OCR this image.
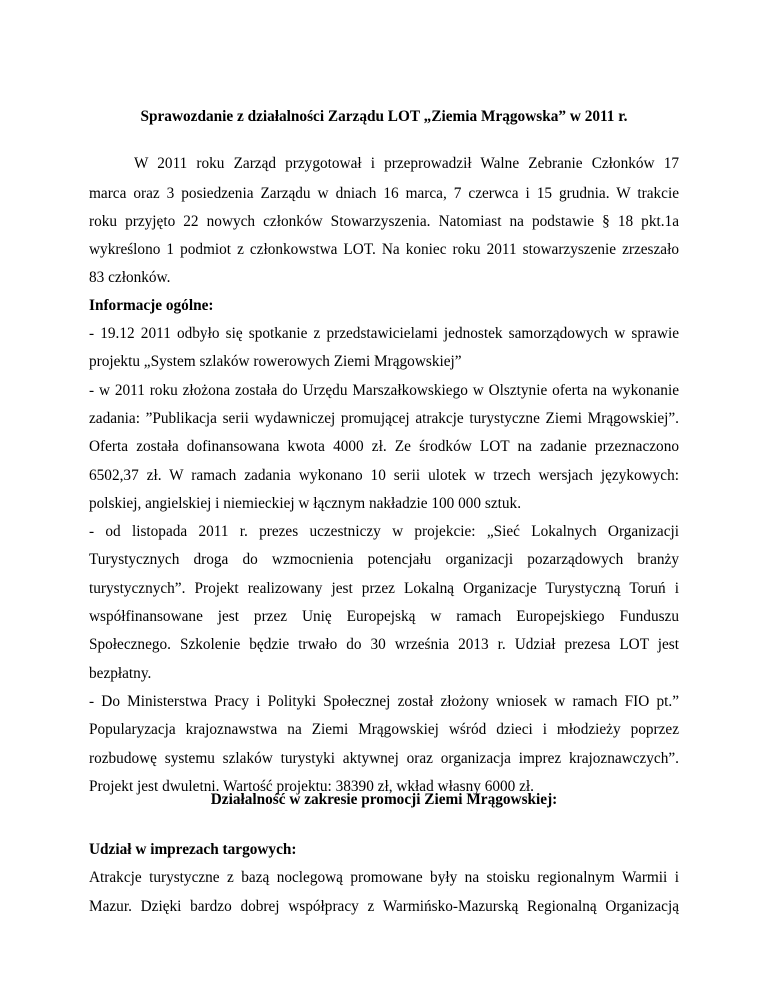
Sprawozdanie z działalności Zarządu LOT „Ziemia Mrągowska” w 2011 r.
W 2011 roku Zarząd przygotował i przeprowadził Walne Zebranie Członków 17
marca oraz 3 posiedzenia Zarządu w dniach 16 marca, 7 czerwca i 15 grudnia. W trakcie
roku przyjęto 22 nowych członków Stowarzyszenia. Natomiast na podstawie § 18 pkt.1a
wykreślono 1 podmiot z członkowstwa LOT. Na koniec roku 2011 stowarzyszenie zrzeszało
83 członków.
Informacje ogólne:
Działalność w zakresie promocji Ziemi Mrągowskiej:
Udział w imprezach targowych:
Atrakcje turystyczne z bazą noclegową promowane były na stoisku regionalnym Warmii i
Mazur. Dzięki bardzo dobrej współpracy z Warmińsko-Mazurską Regionalną Organizacją
- 19.12 2011 odbyło się spotkanie z przedstawicielami jednostek samorządowych w sprawie
projektu „System szlaków rowerowych Ziemi Mrągowskiej”
- w 2011 roku złożona została do Urzędu Marszałkowskiego w Olsztynie oferta na wykonanie
zadania: ”Publikacja serii wydawniczej promującej atrakcje turystyczne Ziemi Mrągowskiej”.
Oferta została dofinansowana kwota 4000 zł. Ze środków LOT na zadanie przeznaczono
6502,37 zł. W ramach zadania wykonano 10 serii ulotek w trzech wersjach językowych:
polskiej, angielskiej i niemieckiej w łącznym nakładzie 100 000 sztuk.
- od listopada 2011 r. prezes uczestniczy w projekcie: „Sieć Lokalnych Organizacji
Turystycznych droga do wzmocnienia potencjału organizacji pozarządowych branży
turystycznych”. Projekt realizowany jest przez Lokalną Organizacje Turystyczną Toruń i
współfinansowane jest przez Unię Europejską w ramach Europejskiego Funduszu
Społecznego. Szkolenie będzie trwało do 30 września 2013 r. Udział prezesa LOT jest
bezpłatny.
- Do Ministerstwa Pracy i Polityki Społecznej został złożony wniosek w ramach FIO pt.”
Popularyzacja krajoznawstwa na Ziemi Mrągowskiej wśród dzieci i młodzieży poprzez
rozbudowę systemu szlaków turystyki aktywnej oraz organizacja imprez krajoznawczych”.
Projekt jest dwuletni. Wartość projektu: 38390 zł, wkład własny 6000 zł.
